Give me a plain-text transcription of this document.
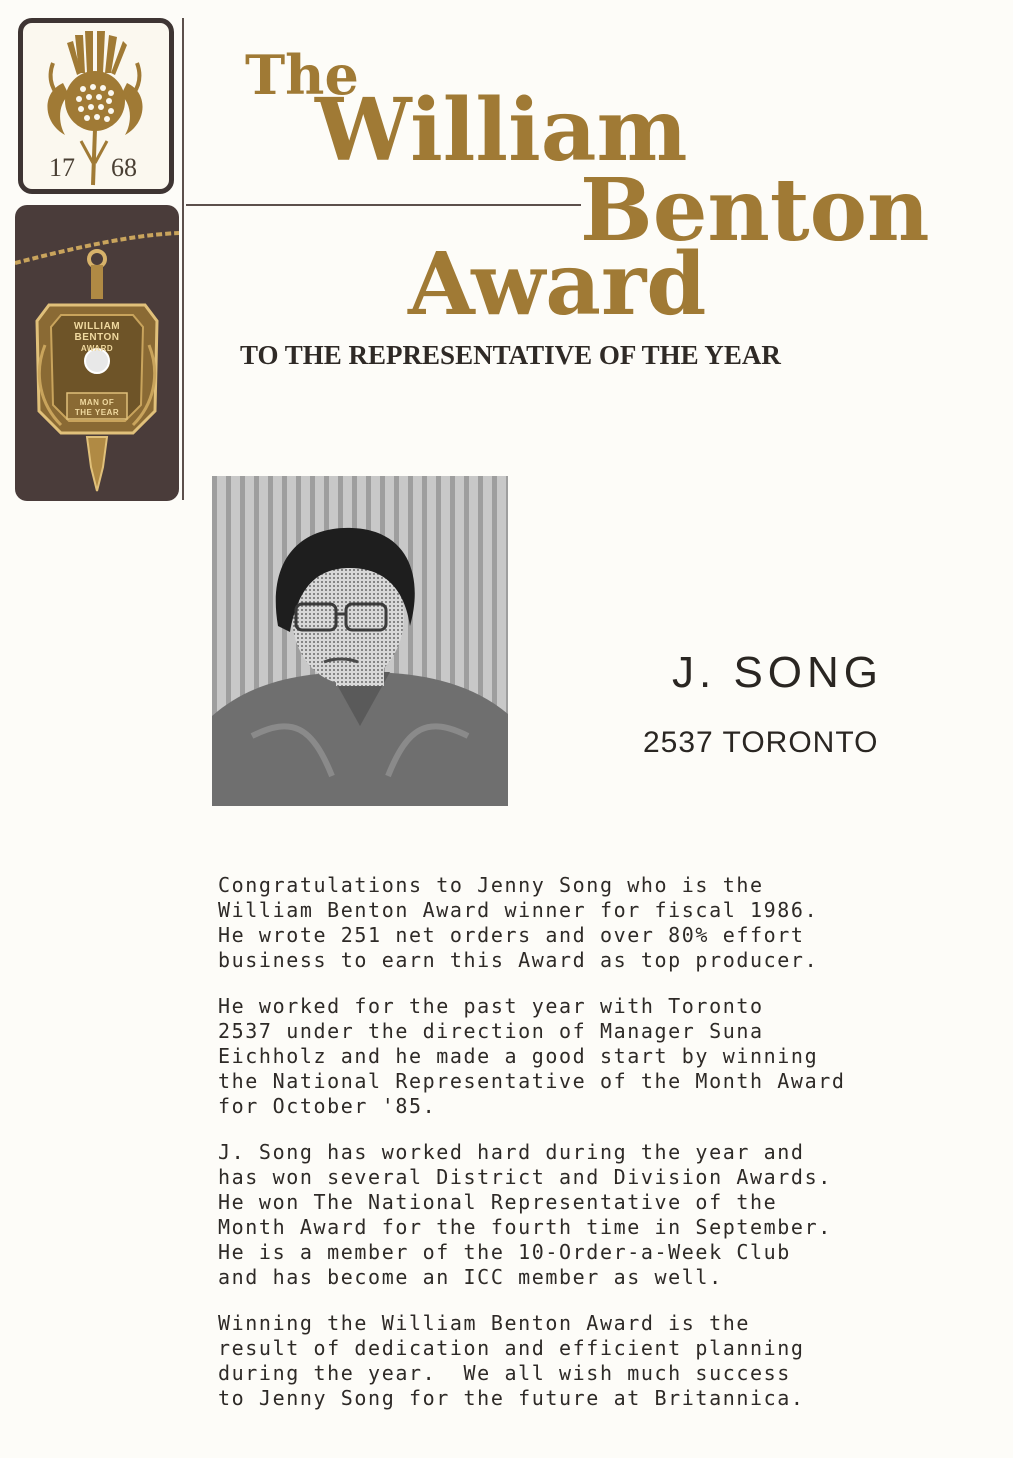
17 68
WILLIAM
BENTON
AWARD
MAN OF
THE YEAR
The
William
Benton
Award
TO THE REPRESENTATIVE OF THE YEAR
J. SONG
2537 TORONTO

Congratulations to Jenny Song who is the
William Benton Award winner for fiscal 1986.
He wrote 251 net orders and over 80% effort
business to earn this Award as top producer.

He worked for the past year with Toronto
2537 under the direction of Manager Suna
Eichholz and he made a good start by winning
the National Representative of the Month Award
for October '85.

J. Song has worked hard during the year and
has won several District and Division Awards.
He won The National Representative of the
Month Award for the fourth time in September.
He is a member of the 10-Order-a-Week Club
and has become an ICC member as well.

Winning the William Benton Award is the
result of dedication and efficient planning
during the year.  We all wish much success
to Jenny Song for the future at Britannica.
